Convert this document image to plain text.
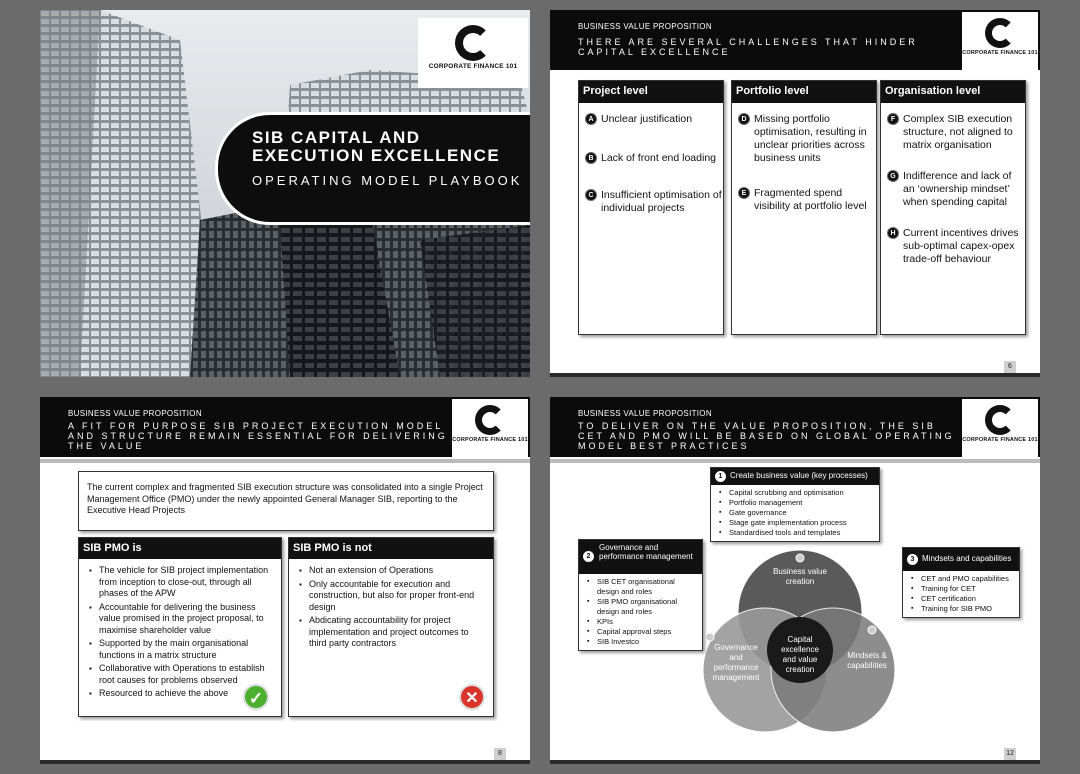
CORPORATE FINANCE 101
SIB CAPITAL AND EXECUTION EXCELLENCE
OPERATING MODEL PLAYBOOK
BUSINESS VALUE PROPOSITION
THERE ARE SEVERAL CHALLENGES THAT HINDER CAPITAL EXCELLENCE	CORPORATE FINANCE 101
Project level
A Unclear justification
B Lack of front end loading
C Insufficient optimisation of individual projects
Portfolio level
D Missing portfolio optimisation, resulting in unclear priorities across business units
E Fragmented spend visibility at portfolio level
Organisation level
F Complex SIB execution structure, not aligned to matrix organisation
G Indifference and lack of an ‘ownership mindset’ when spending capital
H Current incentives drives sub-optimal capex-opex trade-off behaviour
6
BUSINESS VALUE PROPOSITION
A FIT FOR PURPOSE SIB PROJECT EXECUTION MODEL AND STRUCTURE REMAIN ESSENTIAL FOR DELIVERING THE VALUE
CORPORATE FINANCE 101
The current complex and fragmented SIB execution structure was consolidated into a single Project Management Office (PMO) under the newly appointed General Manager SIB, reporting to the Executive Head Projects
SIB PMO is
▪ The vehicle for SIB project implementation from inception to close-out, through all phases of the APW
▪ Accountable for delivering the business value promised in the project proposal, to maximise shareholder value
▪ Supported by the main organisational functions in a matrix structure
▪ Collaborative with Operations to establish root causes for problems observed
▪ Resourced to achieve the above	✓
SIB PMO is not
▪ Not an extension of Operations
▪ Only accountable for execution and construction, but also for proper front-end design
▪ Abdicating accountability for project implementation and project outcomes to third party contractors
✕
8
BUSINESS VALUE PROPOSITION
TO DELIVER ON THE VALUE PROPOSITION, THE SIB CET AND PMO WILL BE BASED ON GLOBAL OPERATING MODEL BEST PRACTICES
CORPORATE FINANCE 101
Business value creation
Governance and performance management
Mindsets & capabilities
Capital excellence and value creation
1 Create business value (key processes)
▪ Capital scrubbing and optimisation
▪ Portfolio management
▪ Gate governance
▪ Stage gate implementation process
▪ Standardised tools and templates
2
Governance and performance management
▪ SIB CET organisational design and roles
▪ SIB PMO organisational design and roles
▪ KPIs
▪ Capital approval steps
▪ SIB Investco
3 Mindsets and capabilities
▪ CET and PMO capabilities
▪ Training for CET
▪ CET certification
▪ Training for SIB PMO
12
